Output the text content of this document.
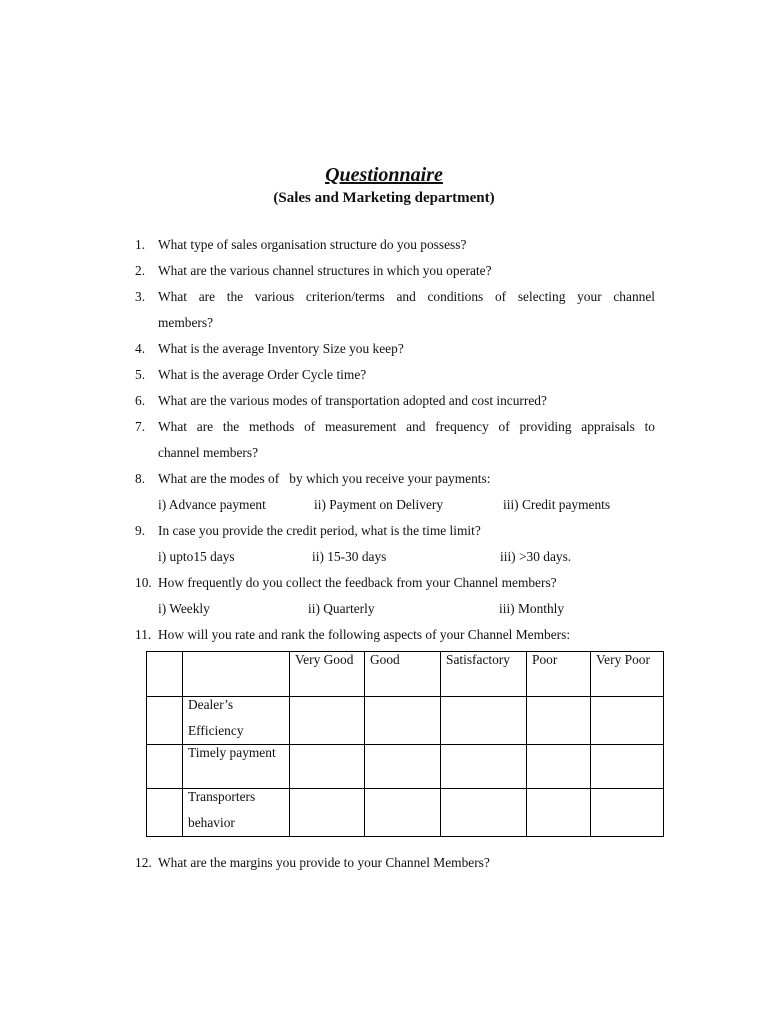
Questionnaire
(Sales and Marketing department)
1. What type of sales organisation structure do you possess?
2. What are the various channel structures in which you operate?
3. What are the various criterion/terms and conditions of selecting your channel
members?
4. What is the average Inventory Size you keep?
5. What is the average Order Cycle time?
6. What are the various modes of transportation adopted and cost incurred?
7. What are the methods of measurement and frequency of providing appraisals to
channel members?
8. What are the modes of   by which you receive your payments:
i) Advance payment	ii) Payment on Delivery	iii) Credit payments
9. In case you provide the credit period, what is the time limit?
i) upto15 days	ii) 15-30 days	iii) >30 days.
10. How frequently do you collect the feedback from your Channel members?
i) Weekly	ii) Quarterly	iii) Monthly
11. How will you rate and rank the following aspects of your Channel Members:

		Very Good	Good	Satisfactory	Poor	Very Poor

	Dealer’s Efficiency					

	Timely payment					

	Transporters behavior					

12. What are the margins you provide to your Channel Members?
